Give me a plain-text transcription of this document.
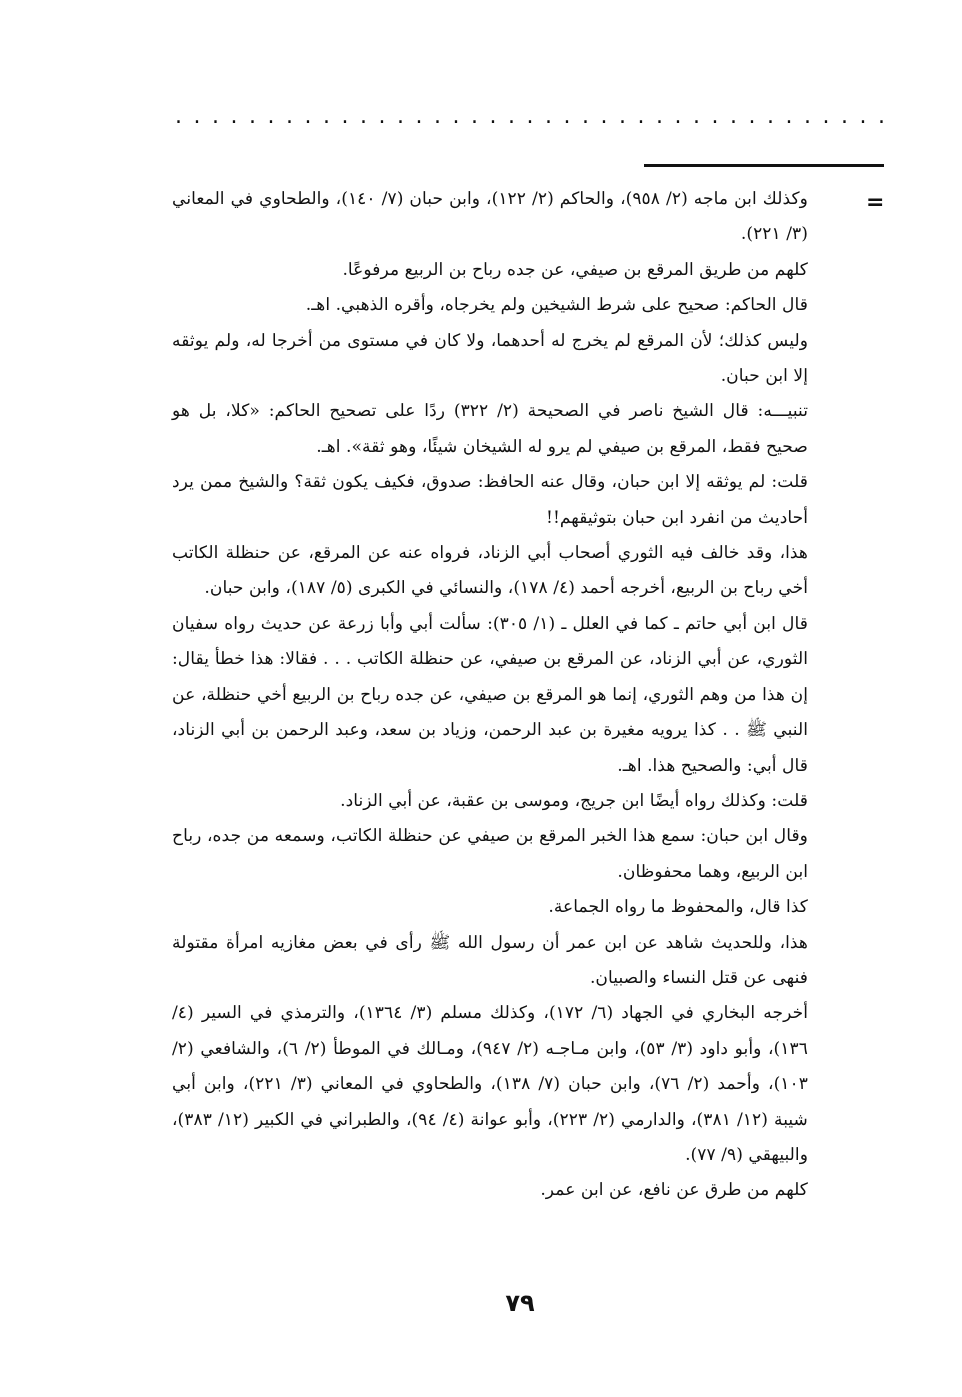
. . . . . . . . . . . . . . . . . . . . . . . . . . . . . . . . . . . . . . .
=

وكذلك ابن ماجه (٢/ ٩٥٨)، والحاكم (٢/ ١٢٢)، وابن حبان (٧/ ١٤٠)، والطحاوي في المعاني (٣/ ٢٢١).

كلهم من طريق المرقع بن صيفي، عن جده رباح بن الربيع مرفوعًا.

قال الحاكم: صحيح على شرط الشيخين ولم يخرجاه، وأقره الذهبي. اهـ.

وليس كذلك؛ لأن المرقع لم يخرج له أحدهما، ولا كان في مستوى من أخرجا له، ولم يوثقه إلا ابن حبان.

تنبيـــه: قال الشيخ ناصر في الصحيحة (٢/ ٣٢٢) ردًا على تصحيح الحاكم: «كلا، بل هو صحيح فقط، المرقع بن صيفي لم يرو له الشيخان شيئًا، وهو ثقة». اهـ.

قلت: لم يوثقه إلا ابن حبان، وقال عنه الحافظ: صدوق، فكيف يكون ثقة؟ والشيخ ممن يرد أحاديث من انفرد ابن حبان بتوثيقهم!!

هذا، وقد خالف فيه الثوري أصحاب أبي الزناد، فرواه عنه عن المرقع، عن حنظلة الكاتب أخي رباح بن الربيع، أخرجه أحمد (٤/ ١٧٨)، والنسائي في الكبرى (٥/ ١٨٧)، وابن حبان.

قال ابن أبي حاتم ـ كما في العلل ـ (١/ ٣٠٥): سألت أبي وأبا زرعة عن حديث رواه سفيان الثوري، عن أبي الزناد، عن المرقع بن صيفي، عن حنظلة الكاتب . . . فقالا: هذا خطأ يقال: إن هذا من وهم الثوري، إنما هو المرقع بن صيفي، عن جده رباح بن الربيع أخي حنظلة، عن النبي ﷺ . . كذا يرويه مغيرة بن عبد الرحمن، وزياد بن سعد، وعبد الرحمن بن أبي الزناد، قال أبي: والصحيح هذا. اهـ.

قلت: وكذلك رواه أيضًا ابن جريج، وموسى بن عقبة، عن أبي الزناد.

وقال ابن حبان: سمع هذا الخبر المرقع بن صيفي عن حنظلة الكاتب، وسمعه من جده، رباح ابن الربيع، وهما محفوظان.

كذا قال، والمحفوظ ما رواه الجماعة.

هذا، وللحديث شاهد عن ابن عمر أن رسول الله ﷺ رأى في بعض مغازيه امرأة مقتولة فنهى عن قتل النساء والصبيان.

أخرجه البخاري في الجهاد (٦/ ١٧٢)، وكذلك مسلم (٣/ ١٣٦٤)، والترمذي في السير (٤/ ١٣٦)، وأبو داود (٣/ ٥٣)، وابن مـاجـه (٢/ ٩٤٧)، ومـالك في الموطأ (٢/ ٦)، والشافعي (٢/ ١٠٣)، وأحمد (٢/ ٧٦)، وابن حبان (٧/ ١٣٨)، والطحاوي في المعاني (٣/ ٢٢١)، وابن أبي شيبة (١٢/ ٣٨١)، والدارمي (٢/ ٢٢٣)، وأبو عوانة (٤/ ٩٤)، والطبراني في الكبير (١٢/ ٣٨٣)، والبيهقي (٩/ ٧٧).

كلهم من طرق عن نافع، عن ابن عمر.

٧٩
